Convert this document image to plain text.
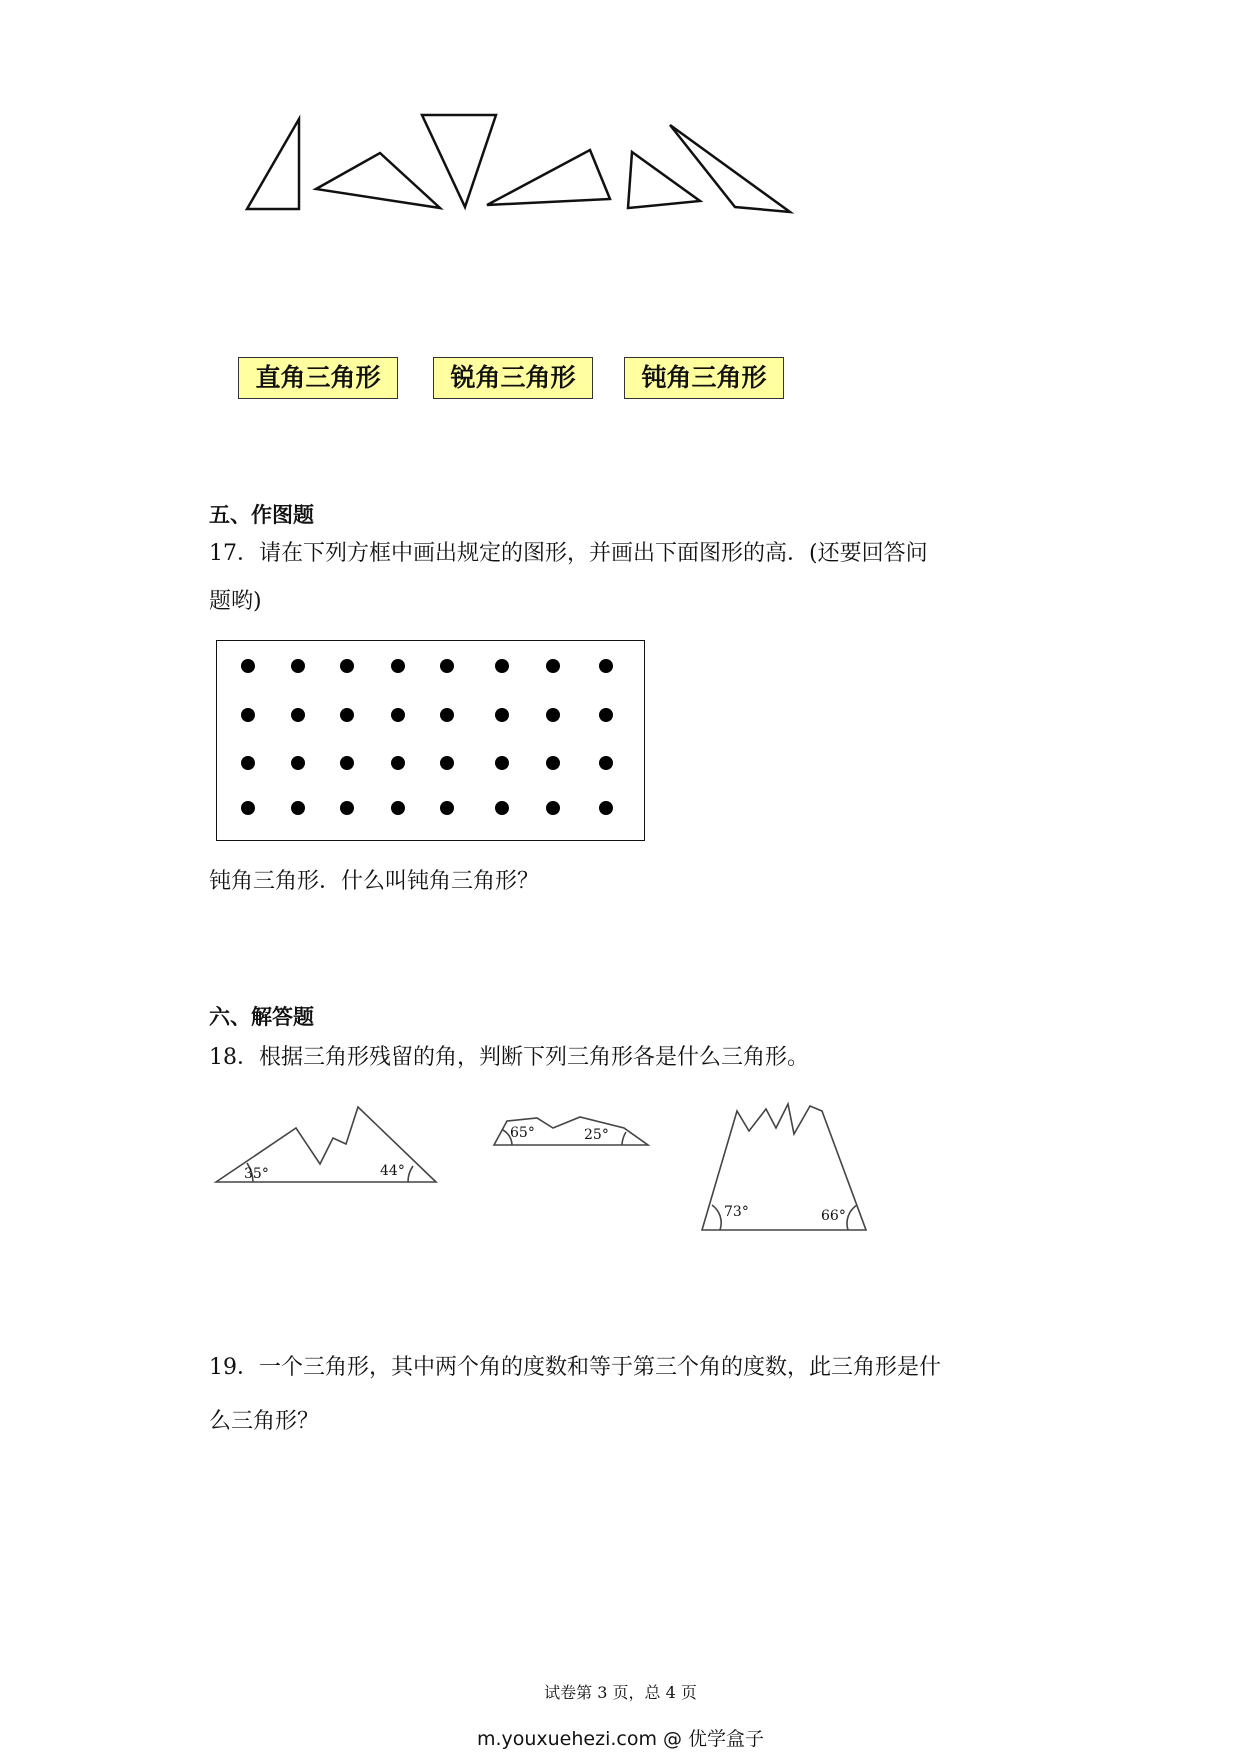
直角三角形	锐角三角形	钝角三角形
五、作图题
17．请在下列方框中画出规定的图形，并画出下面图形的高．(还要回答问
题哟)
钝角三角形．什么叫钝角三角形？
六、解答题
18．根据三角形残留的角，判断下列三角形各是什么三角形。
35°	44°
65°	25°
73°	66°
19．一个三角形，其中两个角的度数和等于第三个角的度数，此三角形是什
么三角形？
试卷第 3 页，总 4 页
m.youxuehezi.com @ 优学盒子
